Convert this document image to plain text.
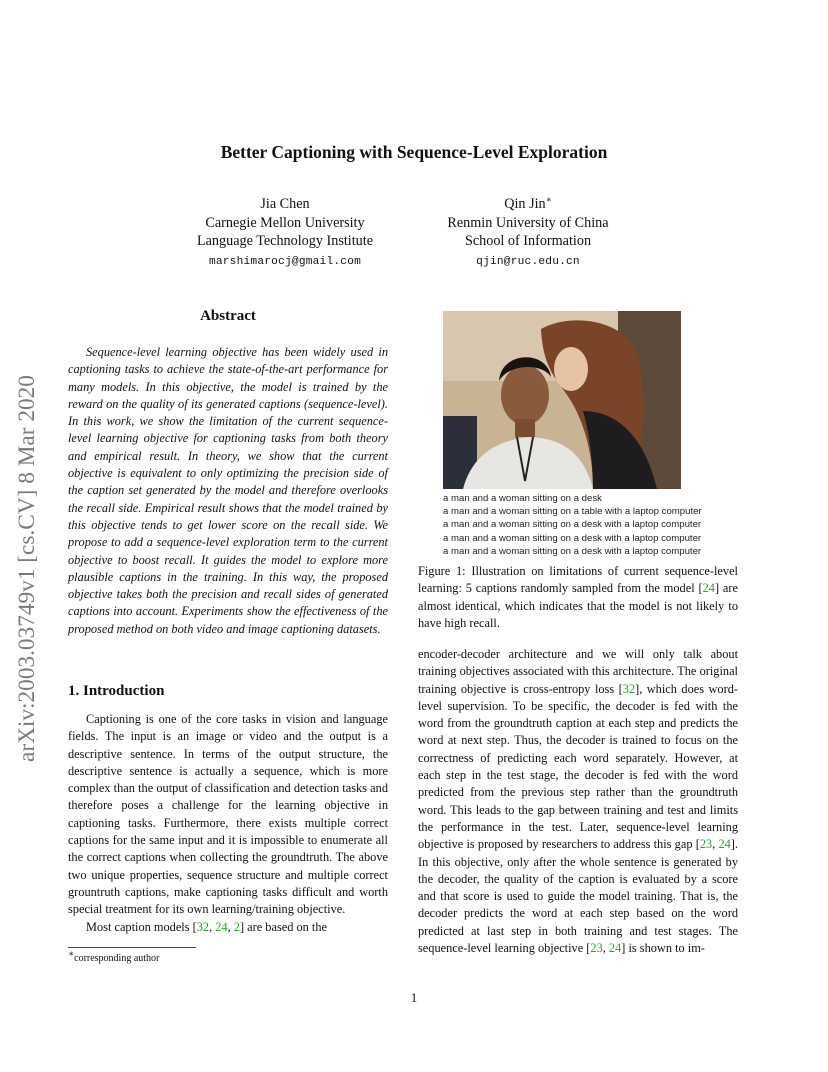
Better Captioning with Sequence-Level Exploration
Jia Chen
Carnegie Mellon University
Language Technology Institute
marshimarocj@gmail.com
Qin Jin∗
Renmin University of China
School of Information
qjin@ruc.edu.cn
arXiv:2003.03749v1 [cs.CV] 8 Mar 2020
Abstract
Sequence-level learning objective has been widely used in captioning tasks to achieve the state-of-the-art performance for many models. In this objective, the model is trained by the reward on the quality of its generated captions (sequence-level). In this work, we show the limitation of the current sequence-level learning objective for captioning tasks from both theory and empirical result. In theory, we show that the current objective is equivalent to only optimizing the precision side of the caption set generated by the model and therefore overlooks the recall side. Empirical result shows that the model trained by this objective tends to get lower score on the recall side. We propose to add a sequence-level exploration term to the current objective to boost recall. It guides the model to explore more plausible captions in the training. In this way, the proposed objective takes both the precision and recall sides of generated captions into account. Experiments show the effectiveness of the proposed method on both video and image captioning datasets.
1. Introduction

Captioning is one of the core tasks in vision and language fields. The input is an image or video and the output is a descriptive sentence. In terms of the output structure, the descriptive sentence is actually a sequence, which is more complex than the output of classification and detection tasks and therefore poses a challenge for the learning objective in captioning tasks. Furthermore, there exists multiple correct captions for the same input and it is impossible to enumerate all the correct captions when collecting the groundtruth. The above two unique properties, sequence structure and multiple correct grountruth captions, make captioning tasks difficult and worth special treatment for its own learning/training objective.

Most caption models [32, 24, 2] are based on the

∗corresponding author
a man and a woman sitting on a desk
a man and a woman sitting on a table with a laptop computer
a man and a woman sitting on a desk with a laptop computer
a man and a woman sitting on a desk with a laptop computer
a man and a woman sitting on a desk with a laptop computer
Figure 1: Illustration on limitations of current sequence-level learning: 5 captions randomly sampled from the model [24] are almost identical, which indicates that the model is not likely to have high recall.

encoder-decoder architecture and we will only talk about training objectives associated with this architecture. The original training objective is cross-entropy loss [32], which does word-level supervision. To be specific, the decoder is fed with the word from the groundtruth caption at each step and predicts the word at next step. Thus, the decoder is trained to focus on the correctness of predicting each word separately. However, at each step in the test stage, the decoder is fed with the word predicted from the previous step rather than the groundtruth word. This leads to the gap between training and test and limits the performance in the test. Later, sequence-level learning objective is proposed by researchers to address this gap [23, 24]. In this objective, only after the whole sentence is generated by the decoder, the quality of the caption is evaluated by a score and that score is used to guide the model training. That is, the decoder predicts the word at each step based on the word predicted at last step in both training and test stages. The sequence-level learning objective [23, 24] is shown to im-

1
